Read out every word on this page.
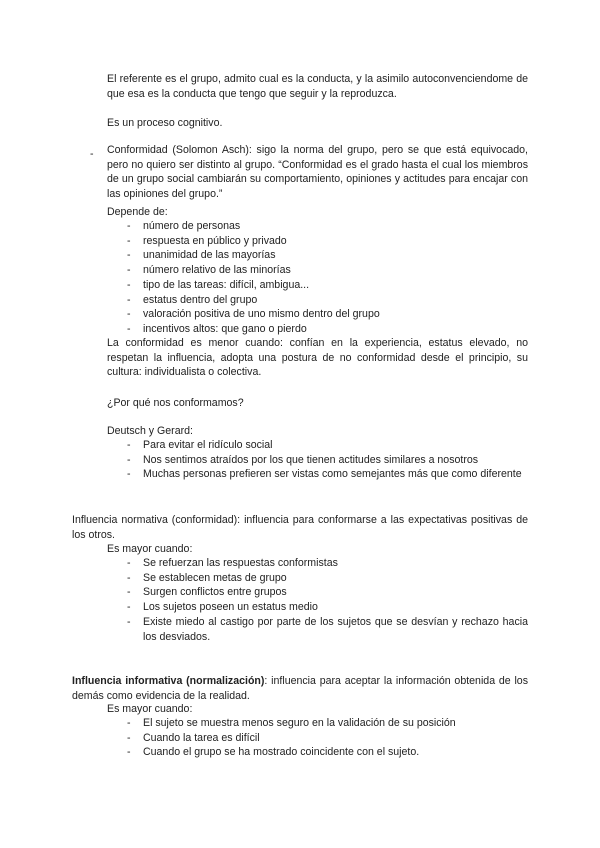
El referente es el grupo, admito cual es la conducta, y la asimilo autoconvenciendome de que esa es la conducta que tengo que seguir y la reproduzca.

Es un proceso cognitivo.

- Conformidad (Solomon Asch): sigo la norma del grupo, pero se que está equivocado, pero no quiero ser distinto al grupo. “Conformidad es el grado hasta el cual los miembros de un grupo social cambiarán su comportamiento, opiniones y actitudes para encajar con las opiniones del grupo.”

Depende de:

- número de personas
- respuesta en público y privado
- unanimidad de las mayorías
- número relativo de las minorías
- tipo de las tareas: difícil, ambigua...
- estatus dentro del grupo
- valoración positiva de uno mismo dentro del grupo
- incentivos altos: que gano o pierdo

La conformidad es menor cuando: confían en la experiencia, estatus elevado, no respetan la influencia, adopta una postura de no conformidad desde el principio, su cultura: individualista o colectiva.

¿Por qué nos conformamos?

Deutsch y Gerard:

- Para evitar el ridículo social
- Nos sentimos atraídos por los que tienen actitudes similares a nosotros
- Muchas personas prefieren ser vistas como semejantes más que como diferente

Influencia normativa (conformidad): influencia para conformarse a las expectativas positivas de los otros.

Es mayor cuando:

- Se refuerzan las respuestas conformistas
- Se establecen metas de grupo
- Surgen conflictos entre grupos
- Los sujetos poseen un estatus medio
- Existe miedo al castigo por parte de los sujetos que se desvían y rechazo hacia los desviados.

Influencia informativa (normalización): influencia para aceptar la información obtenida de los demás como evidencia de la realidad.

Es mayor cuando:

- El sujeto se muestra menos seguro en la validación de su posición
- Cuando la tarea es difícil
- Cuando el grupo se ha mostrado coincidente con el sujeto.
